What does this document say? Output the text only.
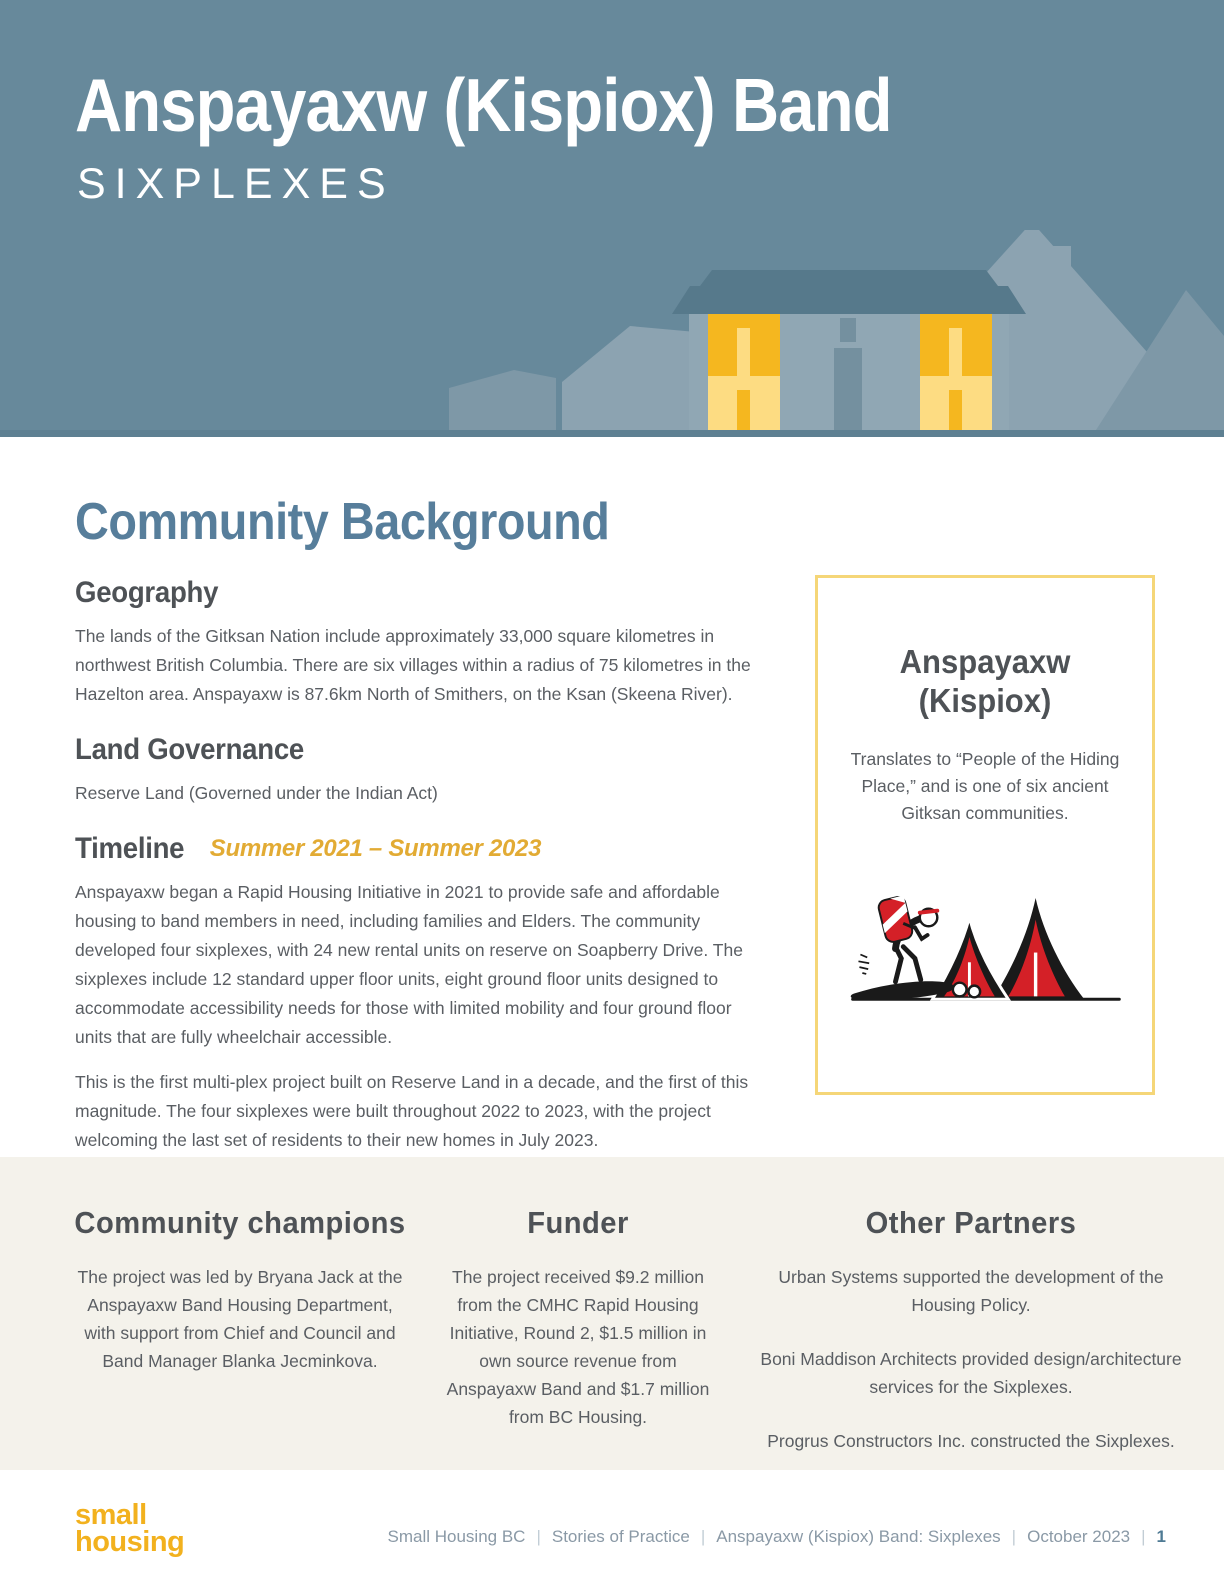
Anspayaxw (Kispiox) Band
SIXPLEXES
Community Background
Geography

The lands of the Gitksan Nation include approximately 33,000 square kilometres in northwest British Columbia. There are six villages within a radius of 75 kilometres in the Hazelton area. Anspayaxw is 87.6km North of Smithers, on the Ksan (Skeena River).

Land Governance

Reserve Land (Governed under the Indian Act)

Timeline Summer 2021 – Summer 2023

Anspayaxw began a Rapid Housing Initiative in 2021 to provide safe and affordable housing to band members in need, including families and Elders. The community developed four sixplexes, with 24 new rental units on reserve on Soapberry Drive. The sixplexes include 12 standard upper floor units, eight ground floor units designed to accommodate accessibility needs for those with limited mobility and four ground floor units that are fully wheelchair accessible.

This is the first multi-plex project built on Reserve Land in a decade, and the first of this magnitude. The four sixplexes were built throughout 2022 to 2023, with the project welcoming the last set of residents to their new homes in July 2023.

Anspayaxw (Kispiox)

Translates to “People of the Hiding Place,” and is one of six ancient Gitksan communities.

Community champions

The project was led by Bryana Jack at the Anspayaxw Band Housing Department, with support from Chief and Council and Band Manager Blanka Jecminkova.

Funder

The project received $9.2 million from the CMHC Rapid Housing Initiative, Round 2, $1.5 million in own source revenue from Anspayaxw Band and $1.7 million from BC Housing.

Other Partners

Urban Systems supported the development of the Housing Policy.

Boni Maddison Architects provided design/architecture services for the Sixplexes.

Progrus Constructors Inc. constructed the Sixplexes.

small
housing	Small Housing BC | Stories of Practice | Anspayaxw (Kispiox) Band: Sixplexes | October 2023 | 1
